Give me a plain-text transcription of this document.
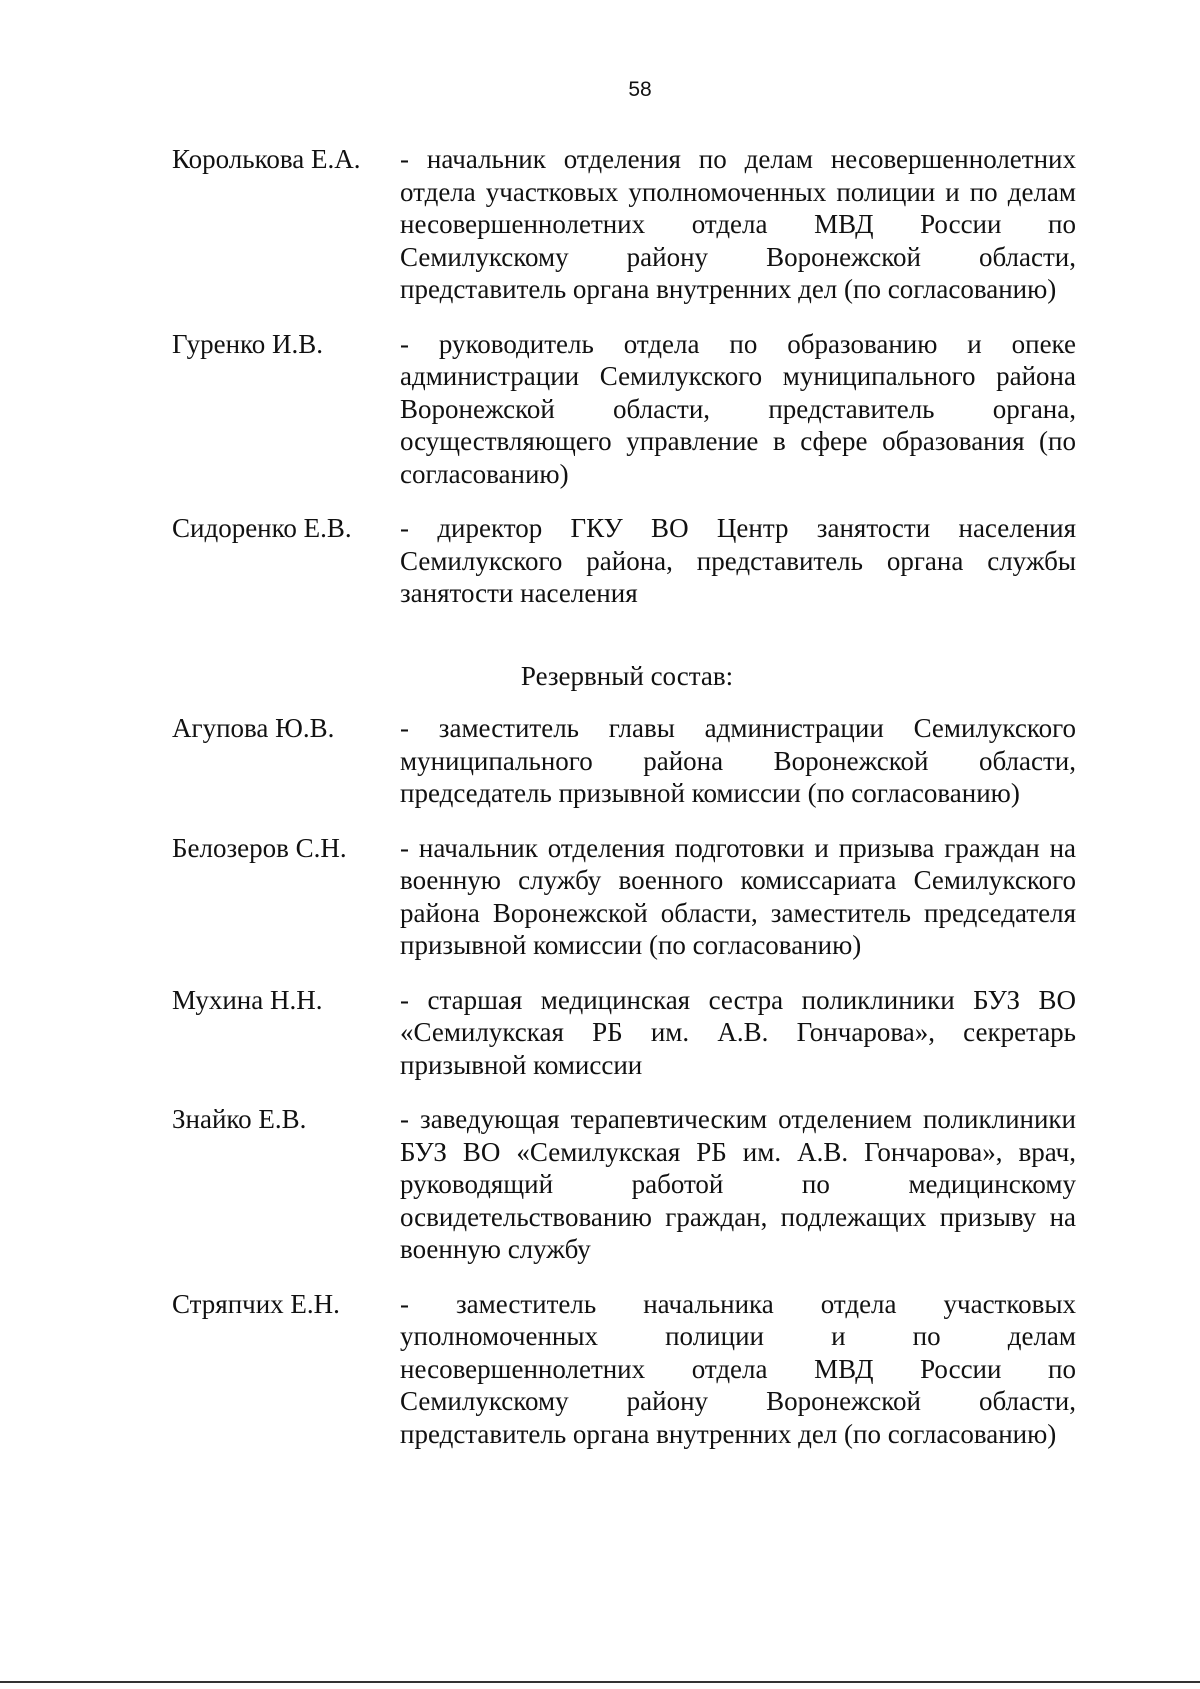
58
Королькова Е.А.	- начальник отделения по делам несовершеннолетних отдела участковых уполномоченных полиции и по делам несовершеннолетних отдела МВД России по Семилукскому району Воронежской области, представитель органа внутренних дел (по согласованию)
Гуренко И.В.	- руководитель отдела по образованию и опеке администрации Семилукского муниципального района Воронежской области, представитель органа, осуществляющего управление в сфере образования (по согласованию)
Сидоренко Е.В.	- директор ГКУ ВО Центр занятости населения Семилукского района, представитель органа службы занятости населения
Резервный состав:
Агупова Ю.В.	- заместитель главы администрации Семилукского муниципального района Воронежской области, председатель призывной комиссии (по согласованию)
Белозеров С.Н.	- начальник отделения подготовки и призыва граждан на военную службу военного комиссариата Семилукского района Воронежской области, заместитель председателя призывной комиссии (по согласованию)
Мухина Н.Н.	- старшая медицинская сестра поликлиники БУЗ ВО «Семилукская РБ им. А.В. Гончарова», секретарь призывной комиссии
Знайко Е.В.	- заведующая терапевтическим отделением поликлиники БУЗ ВО «Семилукская РБ им. А.В. Гончарова», врач, руководящий работой по медицинскому освидетельствованию граждан, подлежащих призыву на военную службу
Стряпчих Е.Н.	- заместитель начальника отдела участковых уполномоченных полиции и по делам несовершеннолетних отдела МВД России по Семилукскому району Воронежской области, представитель органа внутренних дел (по согласованию)
